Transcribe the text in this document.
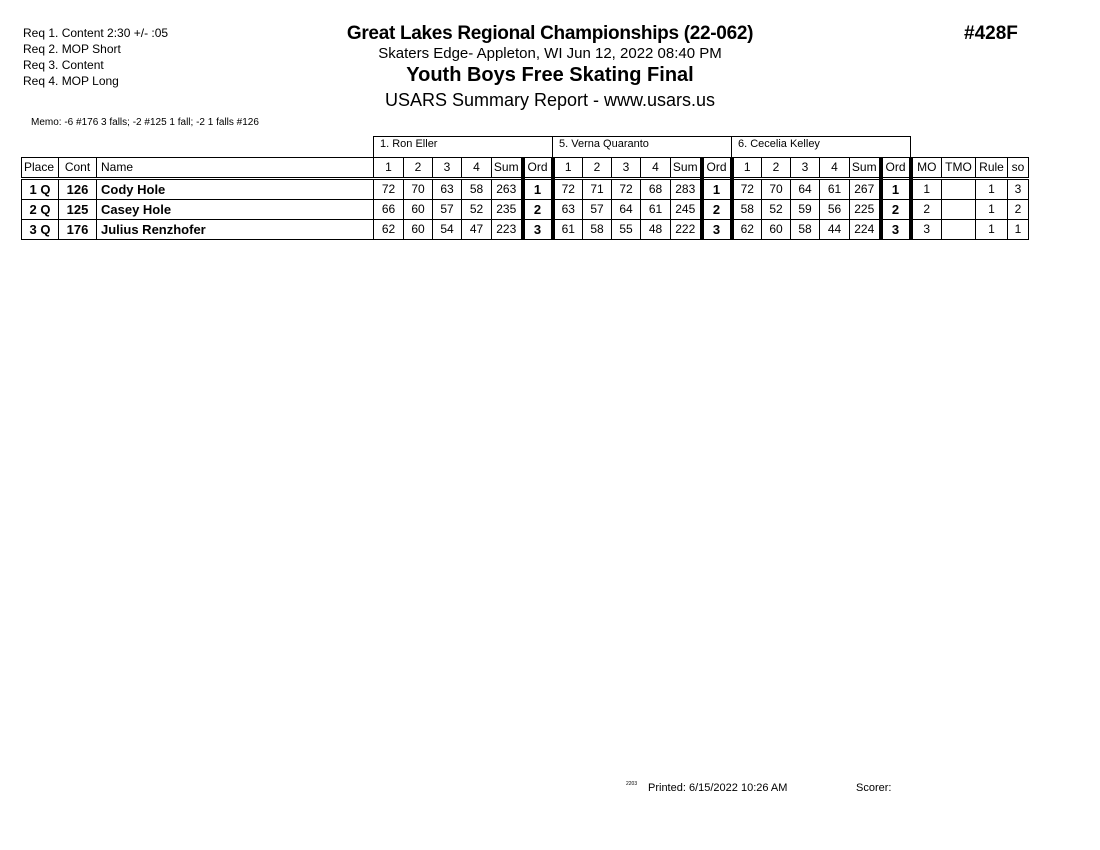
Req 1. Content 2:30 +/- :05
Req 2. MOP Short
Req 3. Content
Req 4. MOP Long
Great Lakes Regional Championships (22-062)
Skaters Edge- Appleton, WI Jun 12, 2022 08:40 PM
Youth Boys Free Skating Final
USARS Summary Report - www.usars.us
#428F
Memo: -6 #176 3 falls; -2 #125 1 fall; -2 1 falls #126
			1. Ron Eller						5. Verna Quaranto						6. Cecelia Kelley									
Place	Cont	Name	1	2	3	4	Sum	Ord	1	2	3	4	Sum	Ord	1	2	3	4	Sum	Ord	MO	TMO	Rule	so
1 Q	126	Cody Hole	72	70	63	58	263	1	72	71	72	68	283	1	72	70	64	61	267	1	1		1	3
2 Q	125	Casey Hole	66	60	57	52	235	2	63	57	64	61	245	2	58	52	59	56	225	2	2		1	2
3 Q	176	Julius Renzhofer	62	60	54	47	223	3	61	58	55	48	222	3	62	60	58	44	224	3	3		1	1
2203 Printed: 6/15/2022 10:26 AM	Scorer:
